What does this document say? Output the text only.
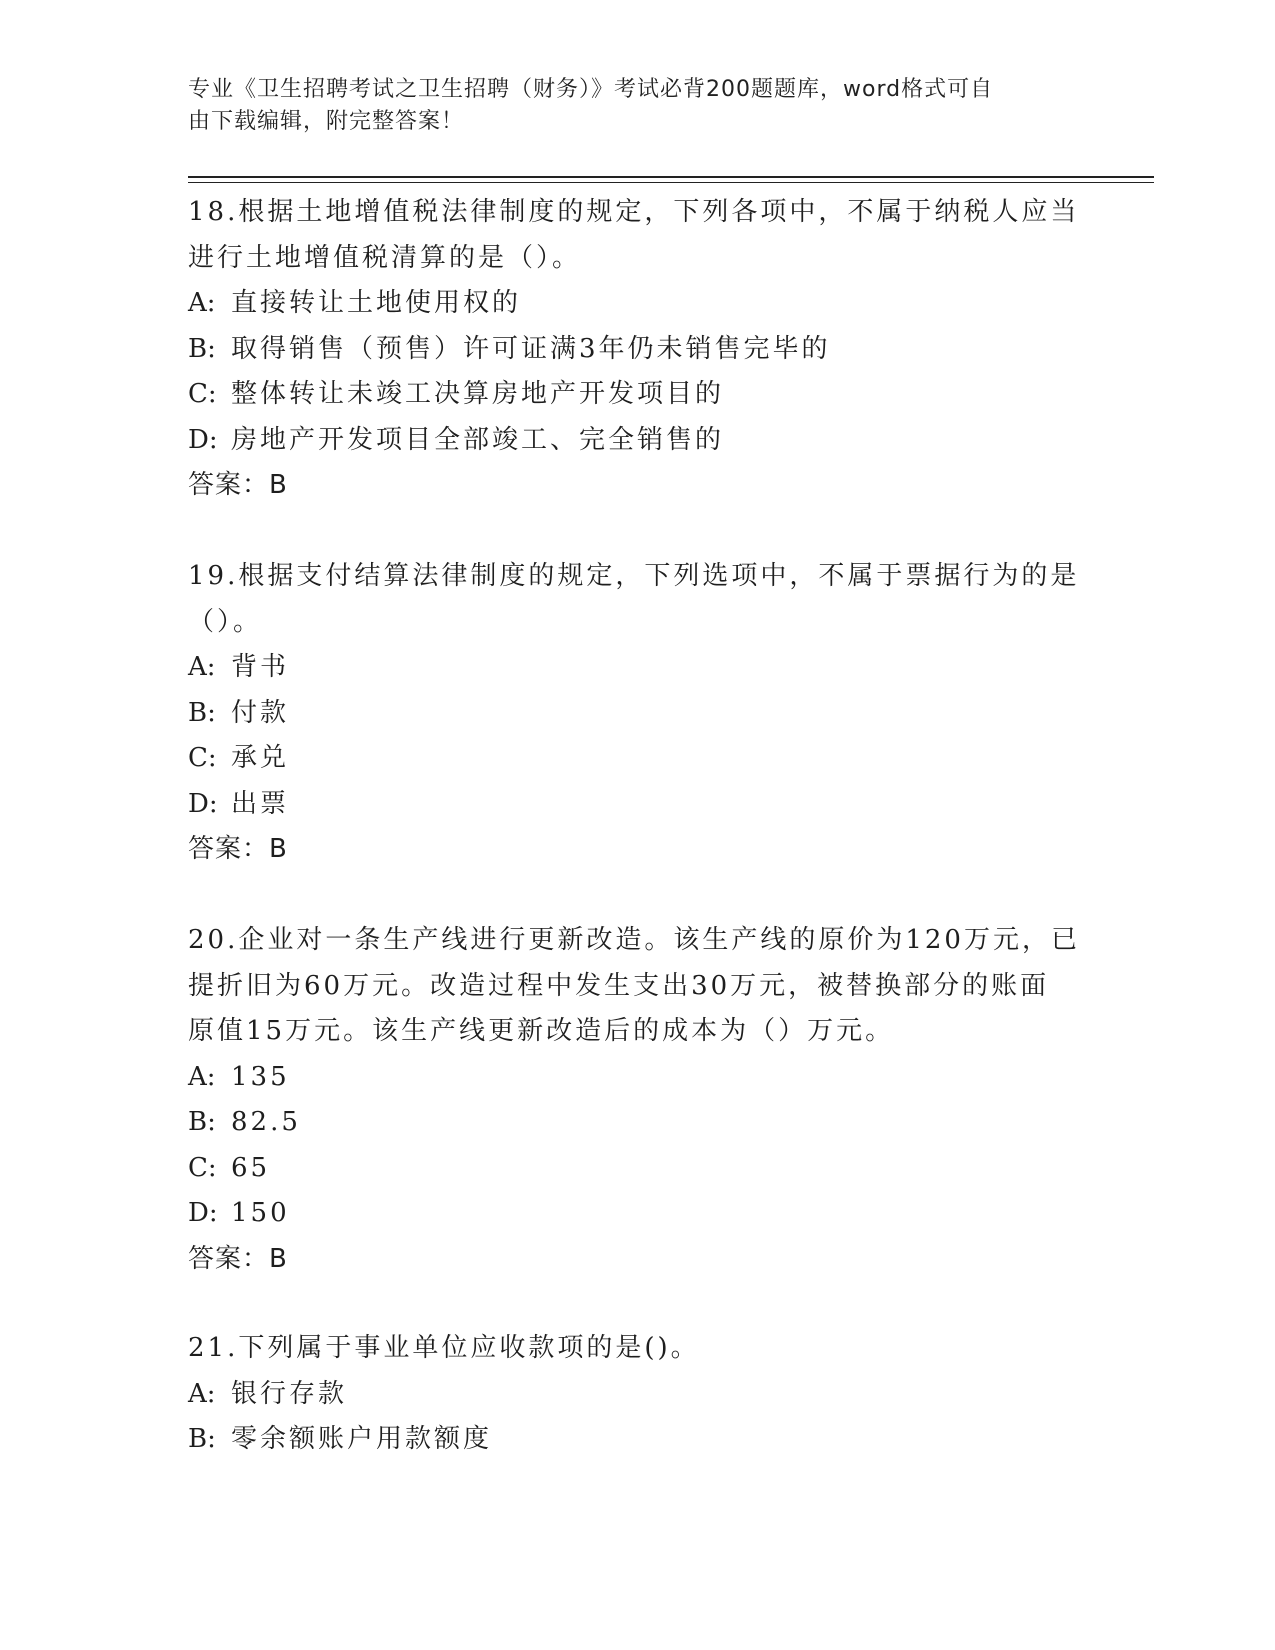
专业《卫生招聘考试之卫生招聘（财务）》考试必背200题题库，word格式可自
由下载编辑，附完整答案！

18.根据土地增值税法律制度的规定，下列各项中，不属于纳税人应当

进行土地增值税清算的是（）。

A: 直接转让土地使用权的

B: 取得销售（预售）许可证满3年仍未销售完毕的

C: 整体转让未竣工决算房地产开发项目的

D: 房地产开发项目全部竣工、完全销售的

答案：B

19.根据支付结算法律制度的规定，下列选项中，不属于票据行为的是

（）。

A: 背书

B: 付款

C: 承兑

D: 出票

答案：B

20.企业对一条生产线进行更新改造。该生产线的原价为120万元，已

提折旧为60万元。改造过程中发生支出30万元，被替换部分的账面

原值15万元。该生产线更新改造后的成本为（）万元。

A: 135

B: 82.5

C: 65

D: 150

答案：B

21.下列属于事业单位应收款项的是()。

A: 银行存款

B: 零余额账户用款额度
